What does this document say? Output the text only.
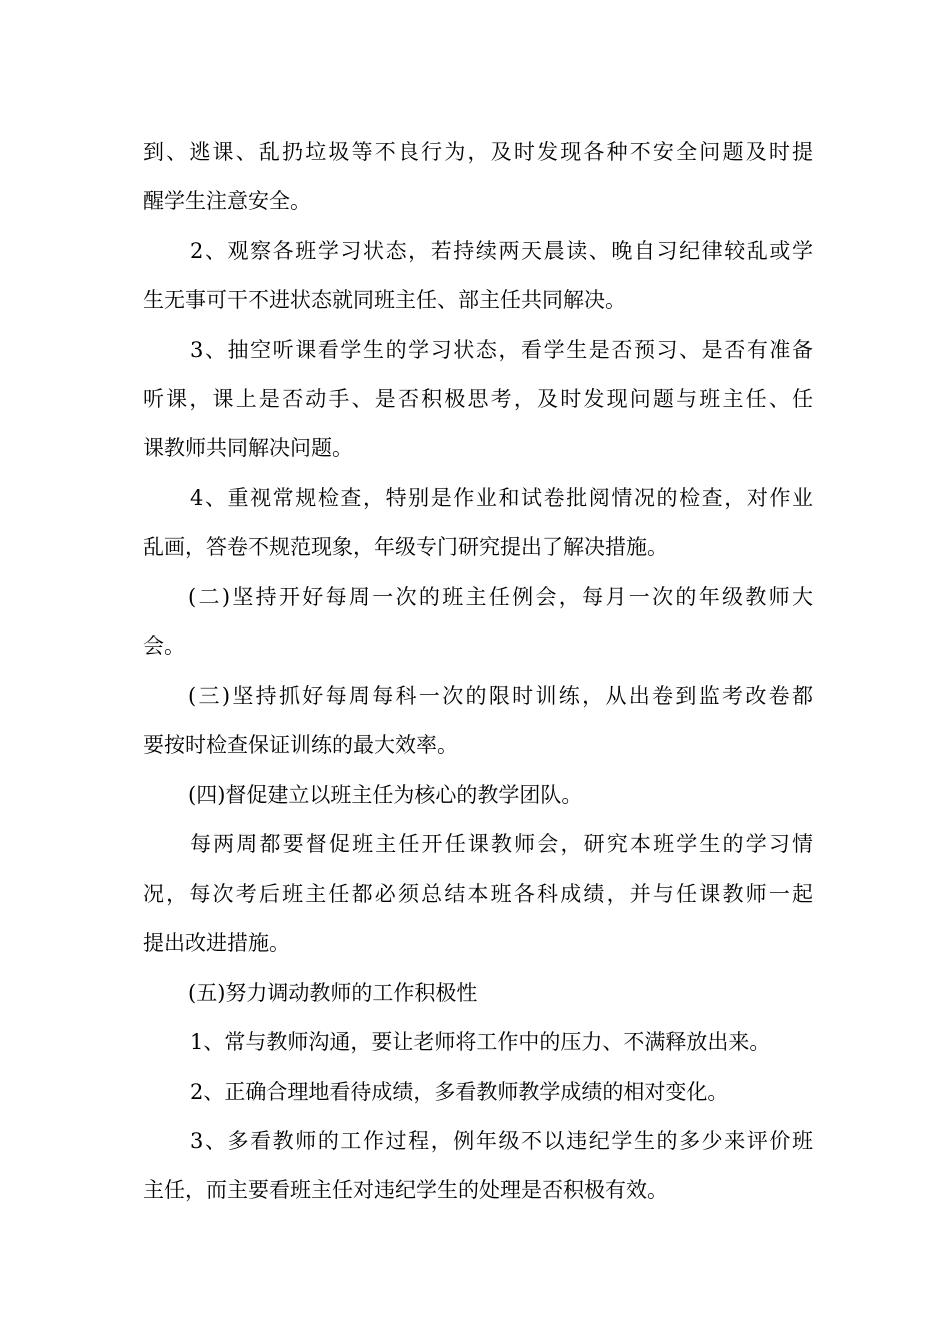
到、逃课、乱扔垃圾等不良行为，及时发现各种不安全问题及时提
醒学生注意安全。
2、观察各班学习状态，若持续两天晨读、晚自习纪律较乱或学
生无事可干不进状态就同班主任、部主任共同解决。
3、抽空听课看学生的学习状态，看学生是否预习、是否有准备
听课，课上是否动手、是否积极思考，及时发现问题与班主任、任
课教师共同解决问题。
4、重视常规检查，特别是作业和试卷批阅情况的检查，对作业
乱画，答卷不规范现象，年级专门研究提出了解决措施。
(二)坚持开好每周一次的班主任例会，每月一次的年级教师大
会。
(三)坚持抓好每周每科一次的限时训练，从出卷到监考改卷都
要按时检查保证训练的最大效率。
(四)督促建立以班主任为核心的教学团队。
每两周都要督促班主任开任课教师会，研究本班学生的学习情
况，每次考后班主任都必须总结本班各科成绩，并与任课教师一起
提出改进措施。
(五)努力调动教师的工作积极性
1、常与教师沟通，要让老师将工作中的压力、不满释放出来。
2、正确合理地看待成绩，多看教师教学成绩的相对变化。
3、多看教师的工作过程，例年级不以违纪学生的多少来评价班
主任，而主要看班主任对违纪学生的处理是否积极有效。
